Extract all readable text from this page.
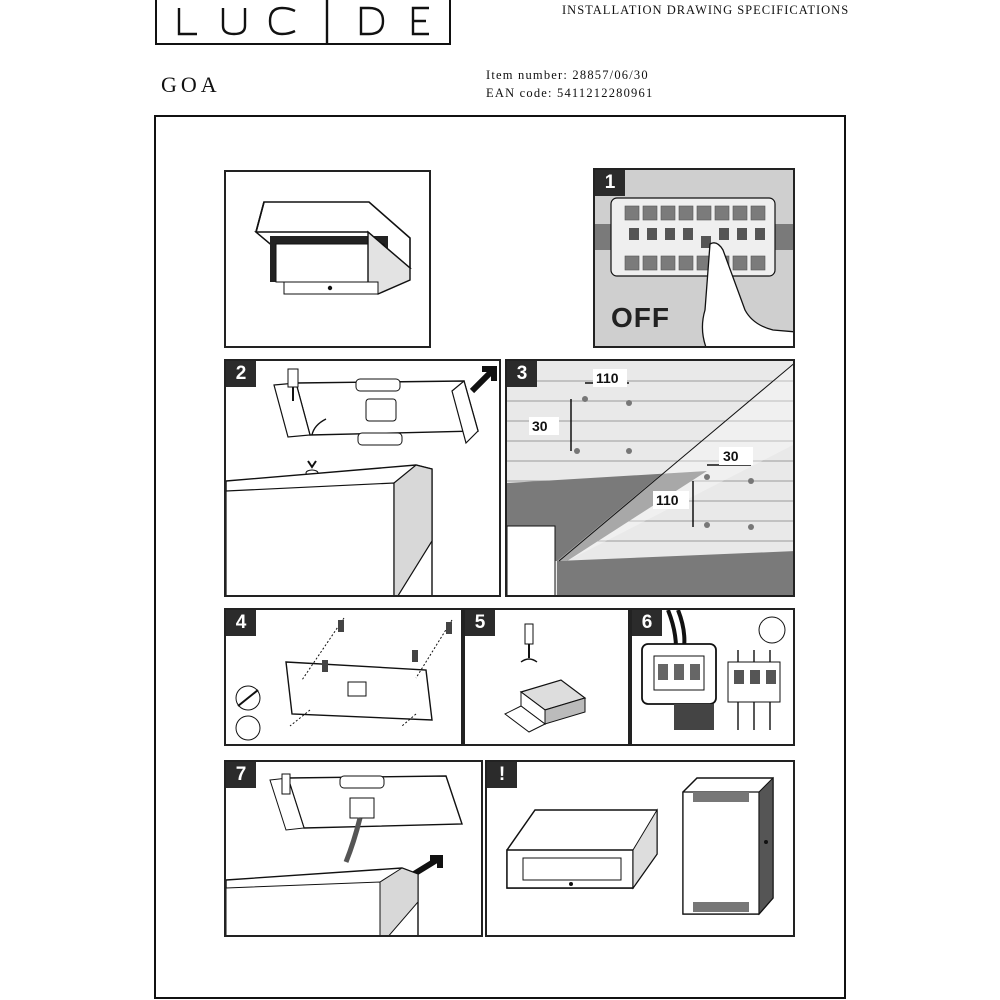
INSTALLATION DRAWING SPECIFICATIONS
GOA	Item number: 28857/06/30
EAN code: 5411212280961
1
OFF
2	110
30
30
110
3
4	5	6
7	!
